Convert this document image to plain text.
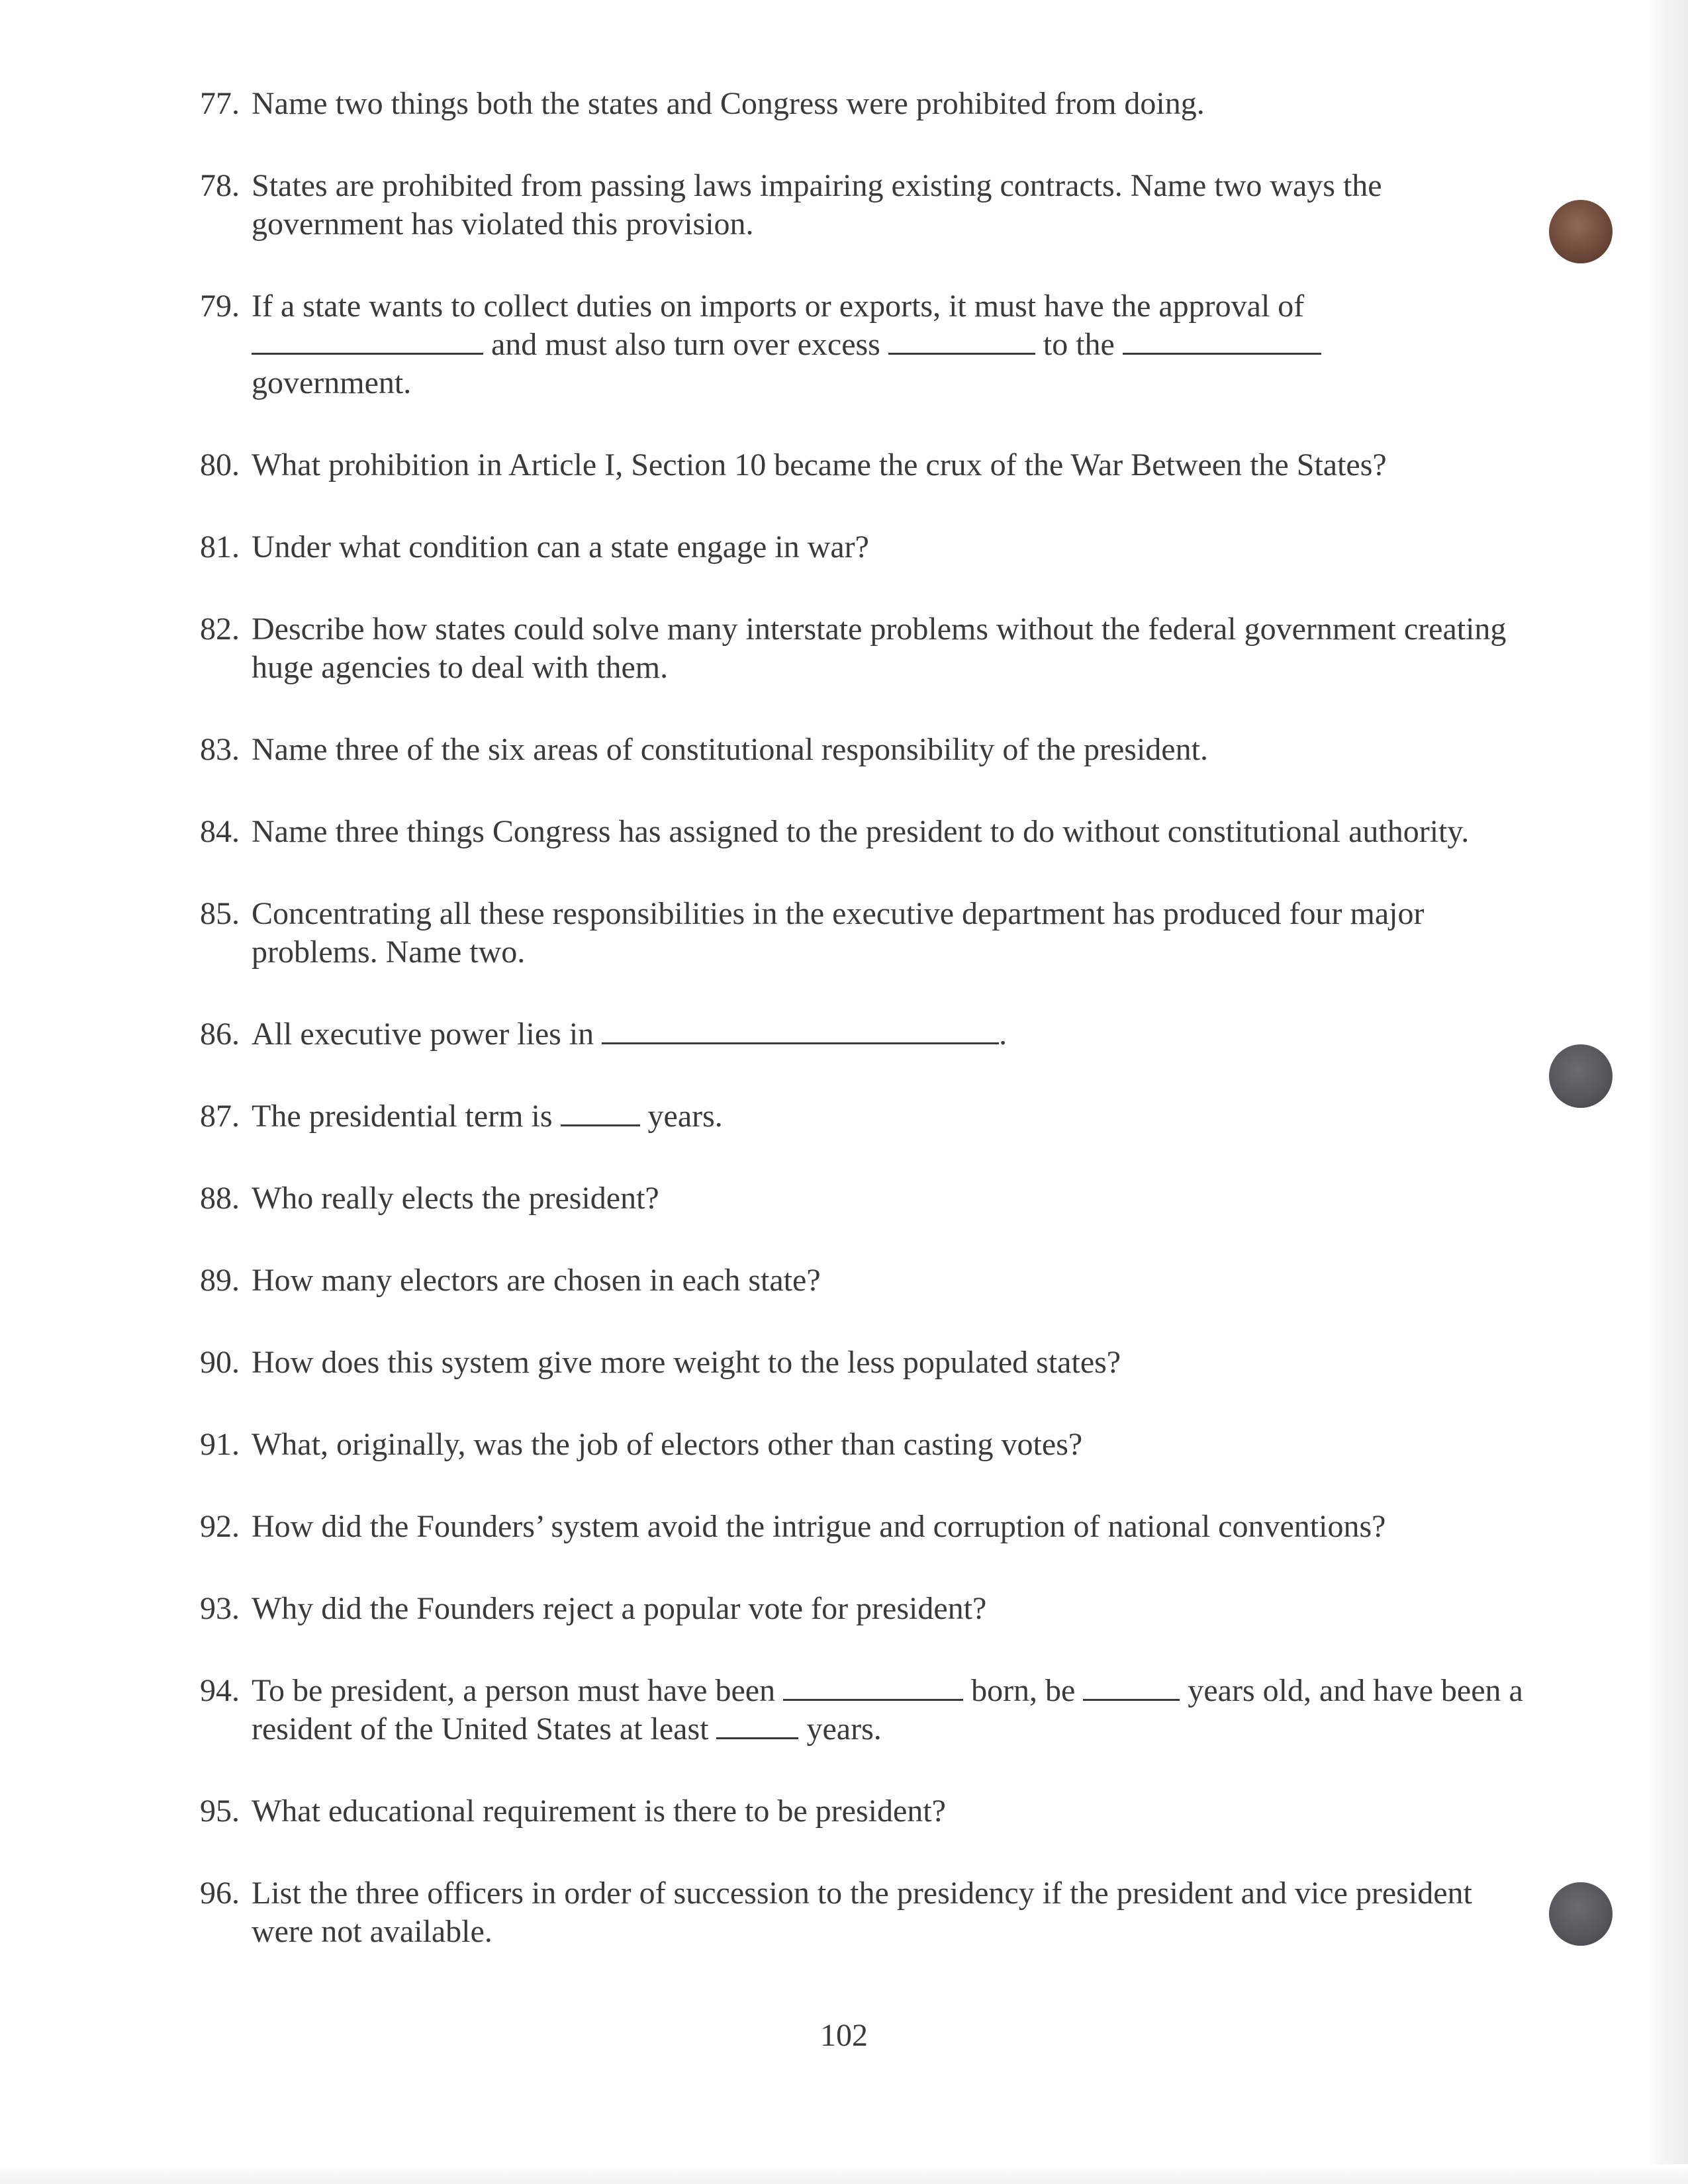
77. Name two things both the states and Congress were prohibited from doing.
78. States are prohibited from passing laws impairing existing contracts. Name two ways the government has violated this provision.
79. If a state wants to collect duties on imports or exports, it must have the approval of
and must also turn over excess	to the
government.
80. What prohibition in Article I, Section 10 became the crux of the War Between the States?
81. Under what condition can a state engage in war?
82. Describe how states could solve many interstate problems without the federal government creating huge agencies to deal with them.
83. Name three of the six areas of constitutional responsibility of the president.
84. Name three things Congress has assigned to the president to do without constitutional authority.
85. Concentrating all these responsibilities in the executive department has produced four major problems. Name two.
86. All executive power lies in	.
87. The presidential term is	years.
88. Who really elects the president?
89. How many electors are chosen in each state?
90. How does this system give more weight to the less populated states?
91. What, originally, was the job of electors other than casting votes?
92. How did the Founders’ system avoid the intrigue and corruption of national conventions?
93. Why did the Founders reject a popular vote for president?
94. To be president, a person must have been	born, be	years old, and have been a resident of the United States at least	years.
95. What educational requirement is there to be president?
96. List the three officers in order of succession to the presidency if the president and vice president were not available.
102
